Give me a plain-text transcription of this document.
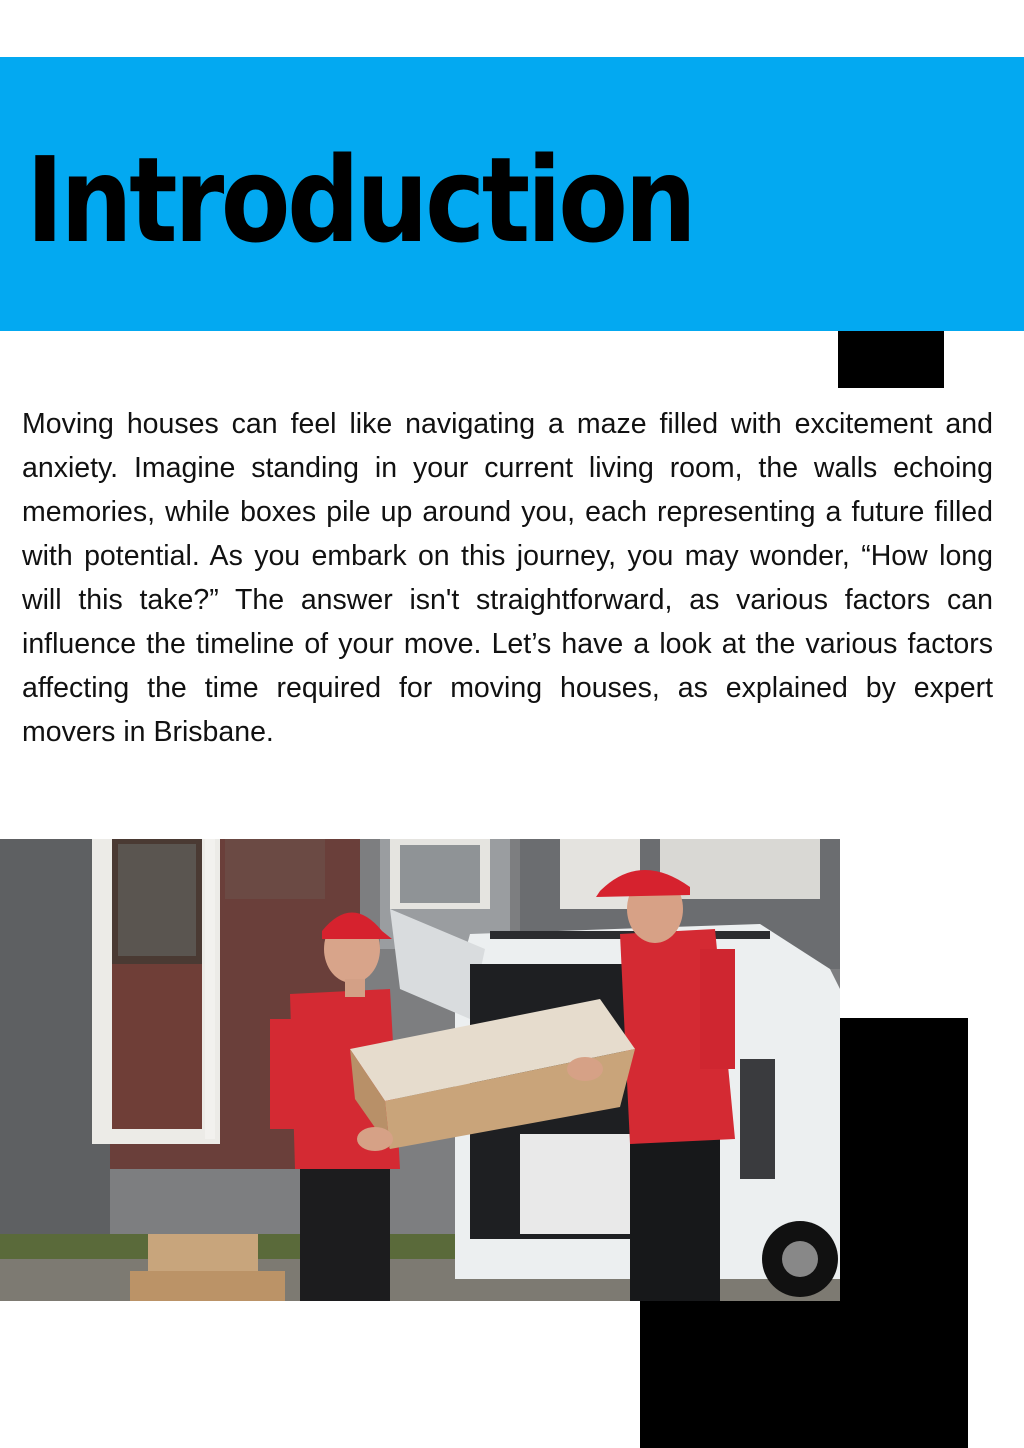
Introduction

Moving houses can feel like navigating a maze filled with excitement and anxiety. Imagine standing in your current living room, the walls echoing memories, while boxes pile up around you, each representing a future filled with potential. As you embark on this journey, you may wonder, “How long will this take?” The answer isn't straightforward, as various factors can influence the timeline of your move. Let’s have a look at the various factors affecting the time required for moving houses, as explained by expert movers in Brisbane.
